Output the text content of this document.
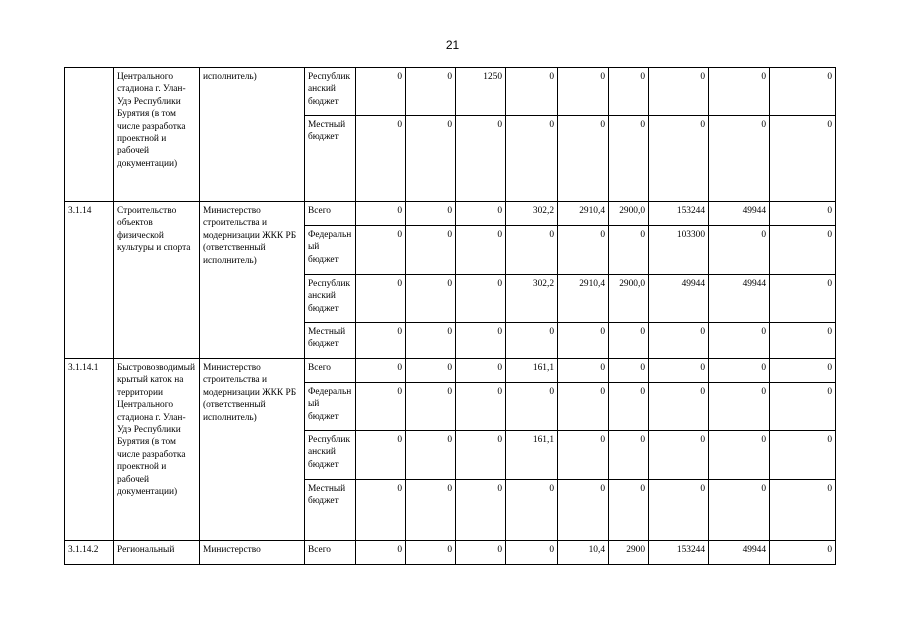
21
	Центрального стадиона г. Улан-Удэ Республики Бурятия (в том числе разработка проектной и рабочей документации)	исполнитель)	Республиканский бюджет	0	0	1250	0	0	0	0	0	0
			Местный бюджет	0	0	0	0	0	0	0	0	0
3.1.14	Строительство объектов физической культуры и спорта	Министерство строительства и модернизации ЖКК РБ (ответственный исполнитель)	Всего	0	0	0	302,2	2910,4	2900,0	153244	49944	0
			Федеральный бюджет	0	0	0	0	0	0	103300	0	0
			Республиканский бюджет	0	0	0	302,2	2910,4	2900,0	49944	49944	0
			Местный бюджет	0	0	0	0	0	0	0	0	0
3.1.14.1	Быстровозводимый крытый каток на территории Центрального стадиона г. Улан-Удэ Республики Бурятия (в том числе разработка проектной и рабочей документации)	Министерство строительства и модернизации ЖКК РБ (ответственный исполнитель)	Всего	0	0	0	161,1	0	0	0	0	0
			Федеральный бюджет	0	0	0	0	0	0	0	0	0
			Республиканский бюджет	0	0	0	161,1	0	0	0	0	0
			Местный бюджет	0	0	0	0	0	0	0	0	0
3.1.14.2	Региональный	Министерство	Всего	0	0	0	0	10,4	2900	153244	49944	0
